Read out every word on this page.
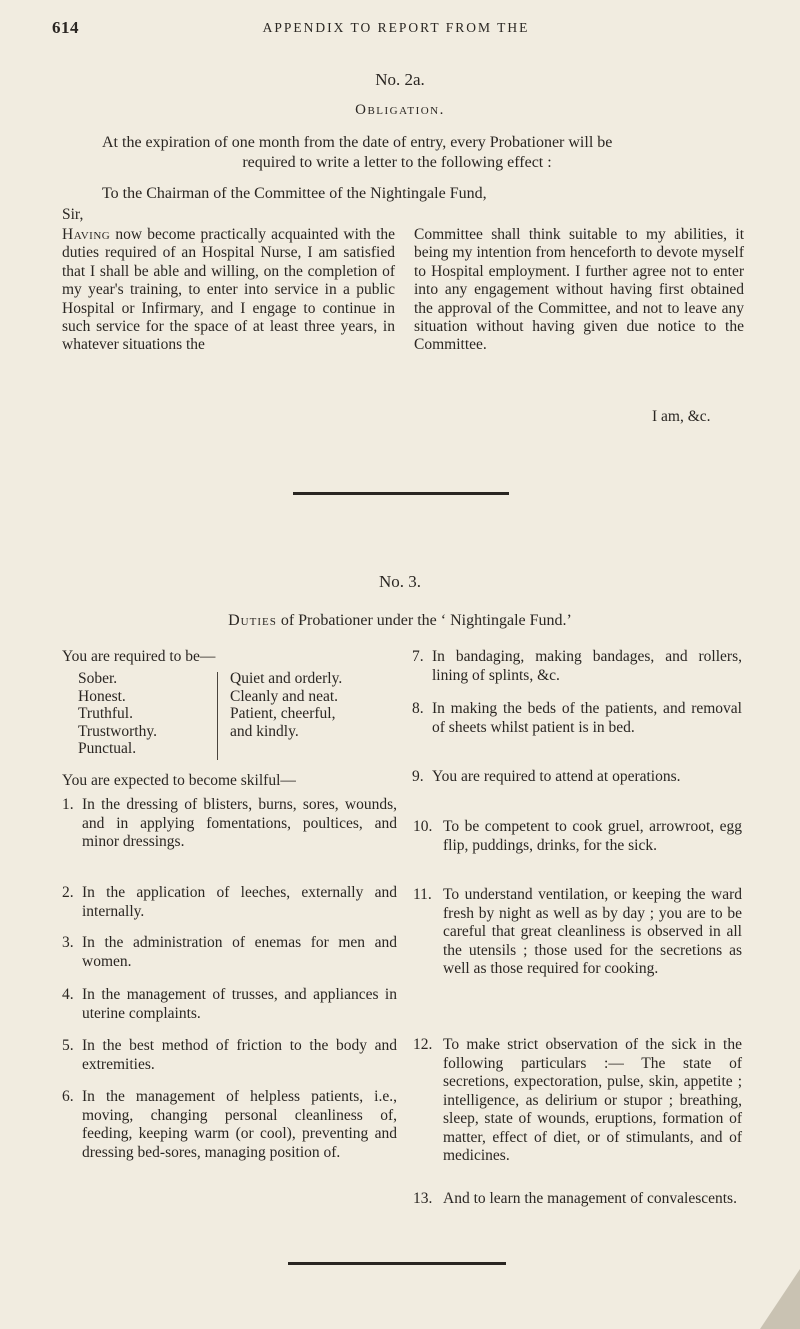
614	APPENDIX TO REPORT FROM THE
No. 2a.
Obligation.
At the expiration of one month from the date of entry, every Probationer will be
required to write a letter to the following effect :
To the Chairman of the Committee of the Nightingale Fund,
Sir,

Having now become practically acquainted with the duties required of an Hospital Nurse, I am satisfied that I shall be able and willing, on the completion of my year's training, to enter into service in a public Hospital or Infirmary, and I engage to continue in such service for the space of at least three years, in whatever situations the

Committee shall think suitable to my abilities, it being my intention from henceforth to devote myself to Hospital employment. I further agree not to enter into any engagement without having first obtained the approval of the Committee, and not to leave any situation without having given due notice to the Committee.

I am, &c.
No. 3.
Duties of Probationer under the ‘ Nightingale Fund.’
You are required to be—
Sober.
Honest.
Truthful.
Trustworthy.
Punctual.
Quiet and orderly.
Cleanly and neat.
Patient, cheerful,
and kindly.
You are expected to become skilful—
1. In the dressing of blisters, burns, sores, wounds, and in applying fomentations, poultices, and minor dressings.

2. In the application of leeches, externally and internally.

3. In the administration of enemas for men and women.

4. In the management of trusses, and appliances in uterine complaints.

5. In the best method of friction to the body and extremities.

6. In the management of helpless patients, i.e., moving, changing personal cleanliness of, feeding, keeping warm (or cool), preventing and dressing bed-sores, managing position of.

7. In bandaging, making bandages, and rollers, lining of splints, &c.

8. In making the beds of the patients, and removal of sheets whilst patient is in bed.

9. You are required to attend at operations.

10. To be competent to cook gruel, arrowroot, egg flip, puddings, drinks, for the sick.

11. To understand ventilation, or keeping the ward fresh by night as well as by day ; you are to be careful that great cleanliness is observed in all the utensils ; those used for the secretions as well as those required for cooking.

12. To make strict observation of the sick in the following particulars :— The state of secretions, expectoration, pulse, skin, appetite ; intelligence, as delirium or stupor ; breathing, sleep, state of wounds, eruptions, formation of matter, effect of diet, or of stimulants, and of medicines.

13. And to learn the management of convalescents.
